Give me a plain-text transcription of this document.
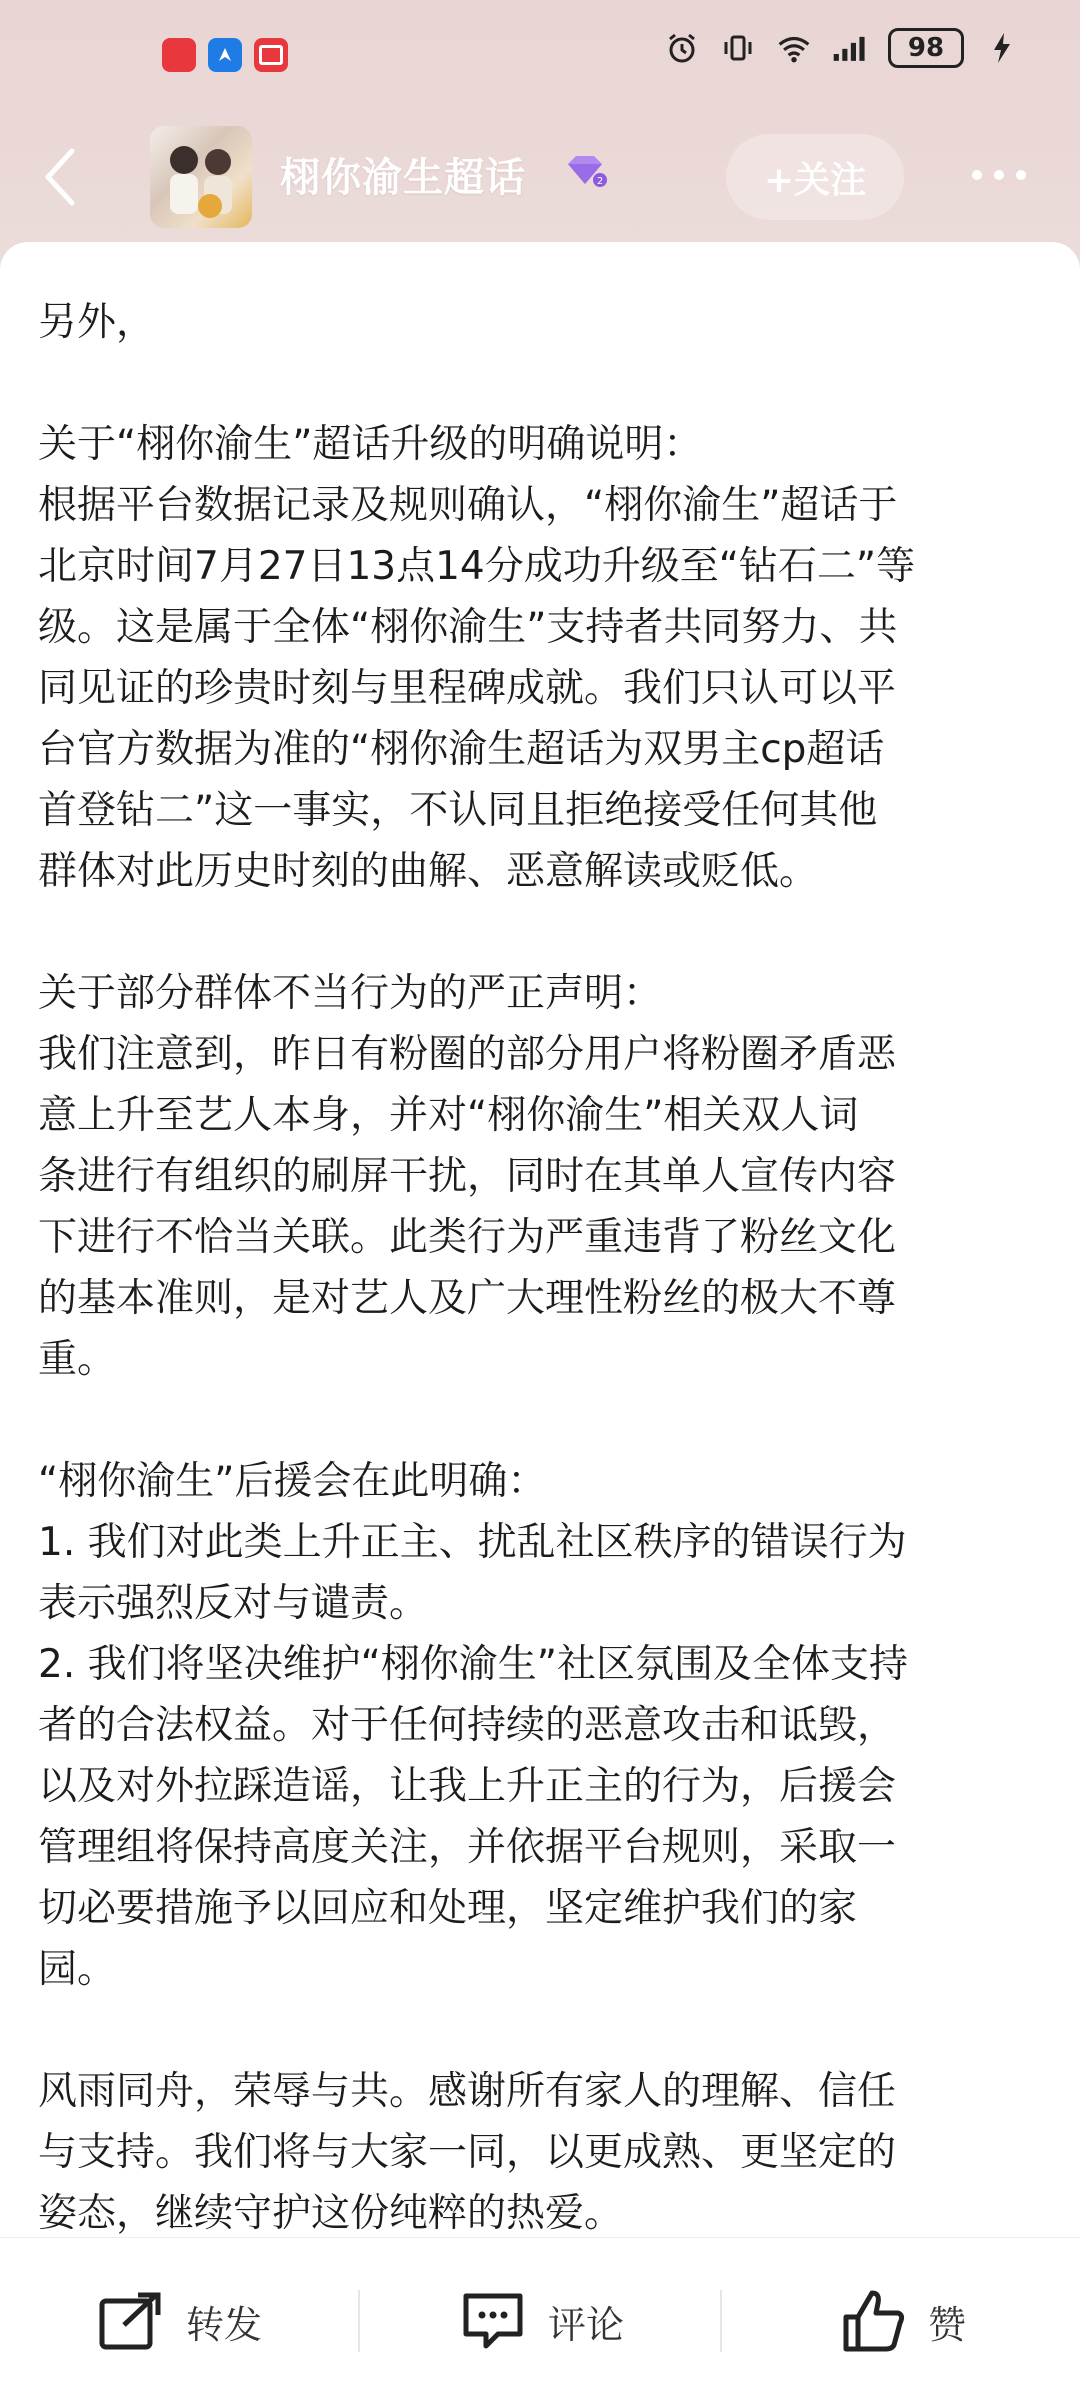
98
栩你渝生超话	2	+关注
另外，
关于“栩你渝生”超话升级的明确说明：
根据平台数据记录及规则确认，“栩你渝生”超话于
北京时间7月27日13点14分成功升级至“钻石二”等
级。这是属于全体“栩你渝生”支持者共同努力、共
同见证的珍贵时刻与里程碑成就。我们只认可以平
台官方数据为准的“栩你渝生超话为双男主cp超话
首登钻二”这一事实，不认同且拒绝接受任何其他
群体对此历史时刻的曲解、恶意解读或贬低。
关于部分群体不当行为的严正声明：
我们注意到，昨日有粉圈的部分用户将粉圈矛盾恶
意上升至艺人本身，并对“栩你渝生”相关双人词
条进行有组织的刷屏干扰，同时在其单人宣传内容
下进行不恰当关联。此类行为严重违背了粉丝文化
的基本准则，是对艺人及广大理性粉丝的极大不尊
重。
“栩你渝生”后援会在此明确：
1. 我们对此类上升正主、扰乱社区秩序的错误行为
表示强烈反对与谴责。
2. 我们将坚决维护“栩你渝生”社区氛围及全体支持
者的合法权益。对于任何持续的恶意攻击和诋毁，
以及对外拉踩造谣，让我上升正主的行为，后援会
管理组将保持高度关注，并依据平台规则，采取一
切必要措施予以回应和处理，坚定维护我们的家
园。
风雨同舟，荣辱与共。感谢所有家人的理解、信任
与支持。我们将与大家一同，以更成熟、更坚定的
姿态，继续守护这份纯粹的热爱。
转发	评论	赞
